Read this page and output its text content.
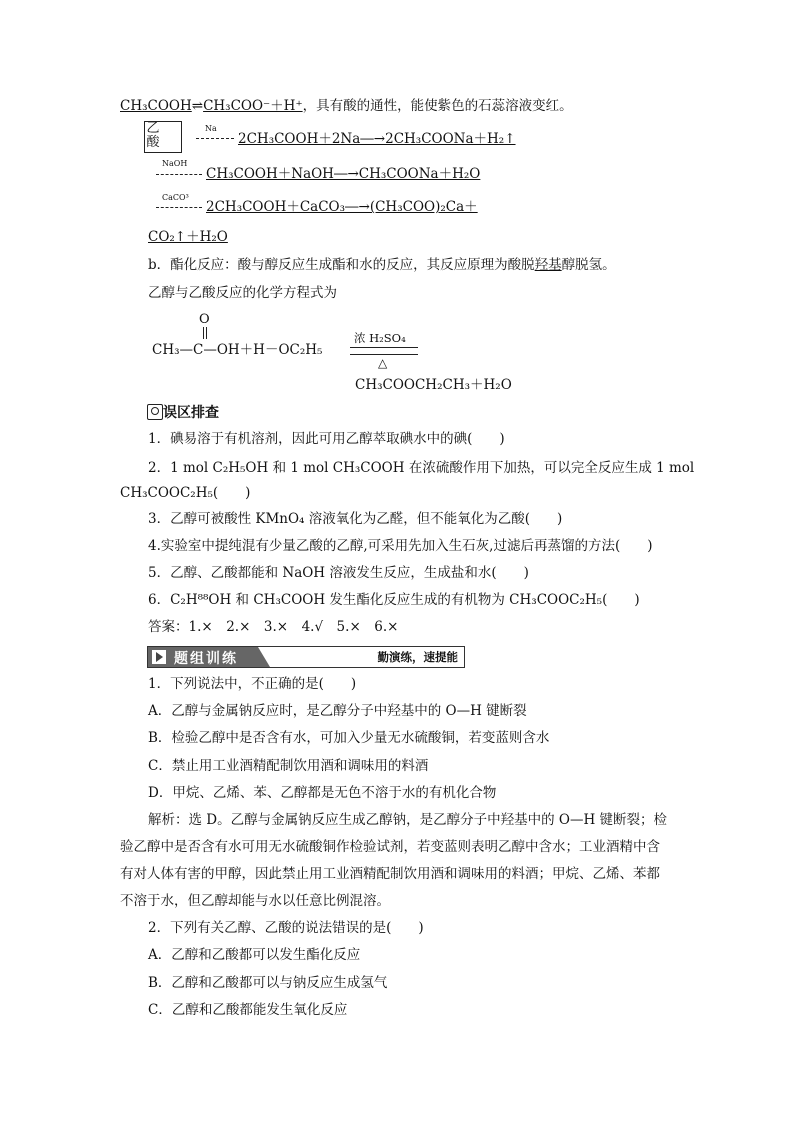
CH₃COOH⇌CH₃COO⁻＋H⁺，具有酸的通性，能使紫色的石蕊溶液变红。
乙酸
Na
2CH₃COOH＋2Na―→2CH₃COONa＋H₂↑
NaOH
CH₃COOH＋NaOH―→CH₃COONa＋H₂O
CaCO³
2CH₃COOH＋CaCO₃―→(CH₃COO)₂Ca＋
CO₂↑＋H₂O
b．酯化反应：酸与醇反应生成酯和水的反应，其反应原理为酸脱羟基醇脱氢。
乙醇与乙酸反应的化学方程式为
O
CH₃—C—OH＋H－OC₂H₅
浓 H₂SO₄
△
CH₃COOCH₂CH₃＋H₂O
误区排查
1．碘易溶于有机溶剂，因此可用乙醇萃取碘水中的碘(　　)
2．1 mol C₂H₅OH 和 1 mol CH₃COOH 在浓硫酸作用下加热，可以完全反应生成 1 mol
CH₃COOC₂H₅(　　)
3．乙醇可被酸性 KMnO₄ 溶液氧化为乙醛，但不能氧化为乙酸(　　)
4.实验室中提纯混有少量乙酸的乙醇,可采用先加入生石灰,过滤后再蒸馏的方法(　　)
5．乙醇、乙酸都能和 NaOH 溶液发生反应，生成盐和水(　　)
6．C₂H⁸⁸OH 和 CH₃COOH 发生酯化反应生成的有机物为 CH₃COOC₂H₅(　　)
答案：1.×　2.×　3.×　4.√　5.×　6.×
题组训练	勤演练，速提能
1．下列说法中，不正确的是(　　)
A．乙醇与金属钠反应时，是乙醇分子中羟基中的 O—H 键断裂
B．检验乙醇中是否含有水，可加入少量无水硫酸铜，若变蓝则含水
C．禁止用工业酒精配制饮用酒和调味用的料酒
D．甲烷、乙烯、苯、乙醇都是无色不溶于水的有机化合物
解析：选 D。乙醇与金属钠反应生成乙醇钠，是乙醇分子中羟基中的 O—H 键断裂；检
验乙醇中是否含有水可用无水硫酸铜作检验试剂，若变蓝则表明乙醇中含水；工业酒精中含
有对人体有害的甲醇，因此禁止用工业酒精配制饮用酒和调味用的料酒；甲烷、乙烯、苯都
不溶于水，但乙醇却能与水以任意比例混溶。
2．下列有关乙醇、乙酸的说法错误的是(　　)
A．乙醇和乙酸都可以发生酯化反应
B．乙醇和乙酸都可以与钠反应生成氢气
C．乙醇和乙酸都能发生氧化反应
